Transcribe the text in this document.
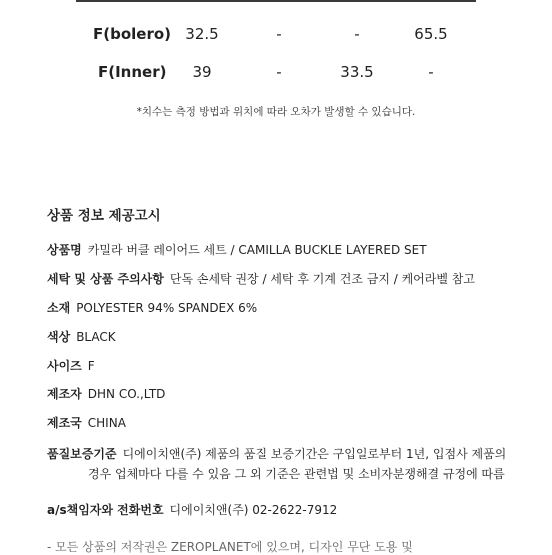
F(bolero) 32.5	-	-	65.5
F(Inner)	39	-	33.5	-
*치수는 측정 방법과 위치에 따라 오차가 발생할 수 있습니다.
상품 정보 제공고시
상품명 카밀라 버클 레이어드 세트 / CAMILLA BUCKLE LAYERED SET
세탁 및 상품 주의사항 단독 손세탁 권장 / 세탁 후 기계 건조 금지 / 케어라벨 참고
소재 POLYESTER 94% SPANDEX 6%
색상 BLACK
사이즈 F
제조자 DHN CO.,LTD
제조국 CHINA
품질보증기준 디에이치앤(주) 제품의 품질 보증기간은 구입일로부터 1년, 입점사 제품의
경우 업체마다 다를 수 있음 그 외 기준은 관련법 및 소비자분쟁해결 규정에 따름
a/s책임자와 전화번호 디에이치앤(주) 02-2622-7912
- 모든 상품의 저작권은 ZEROPLANET에 있으며, 디자인 무단 도용 및
